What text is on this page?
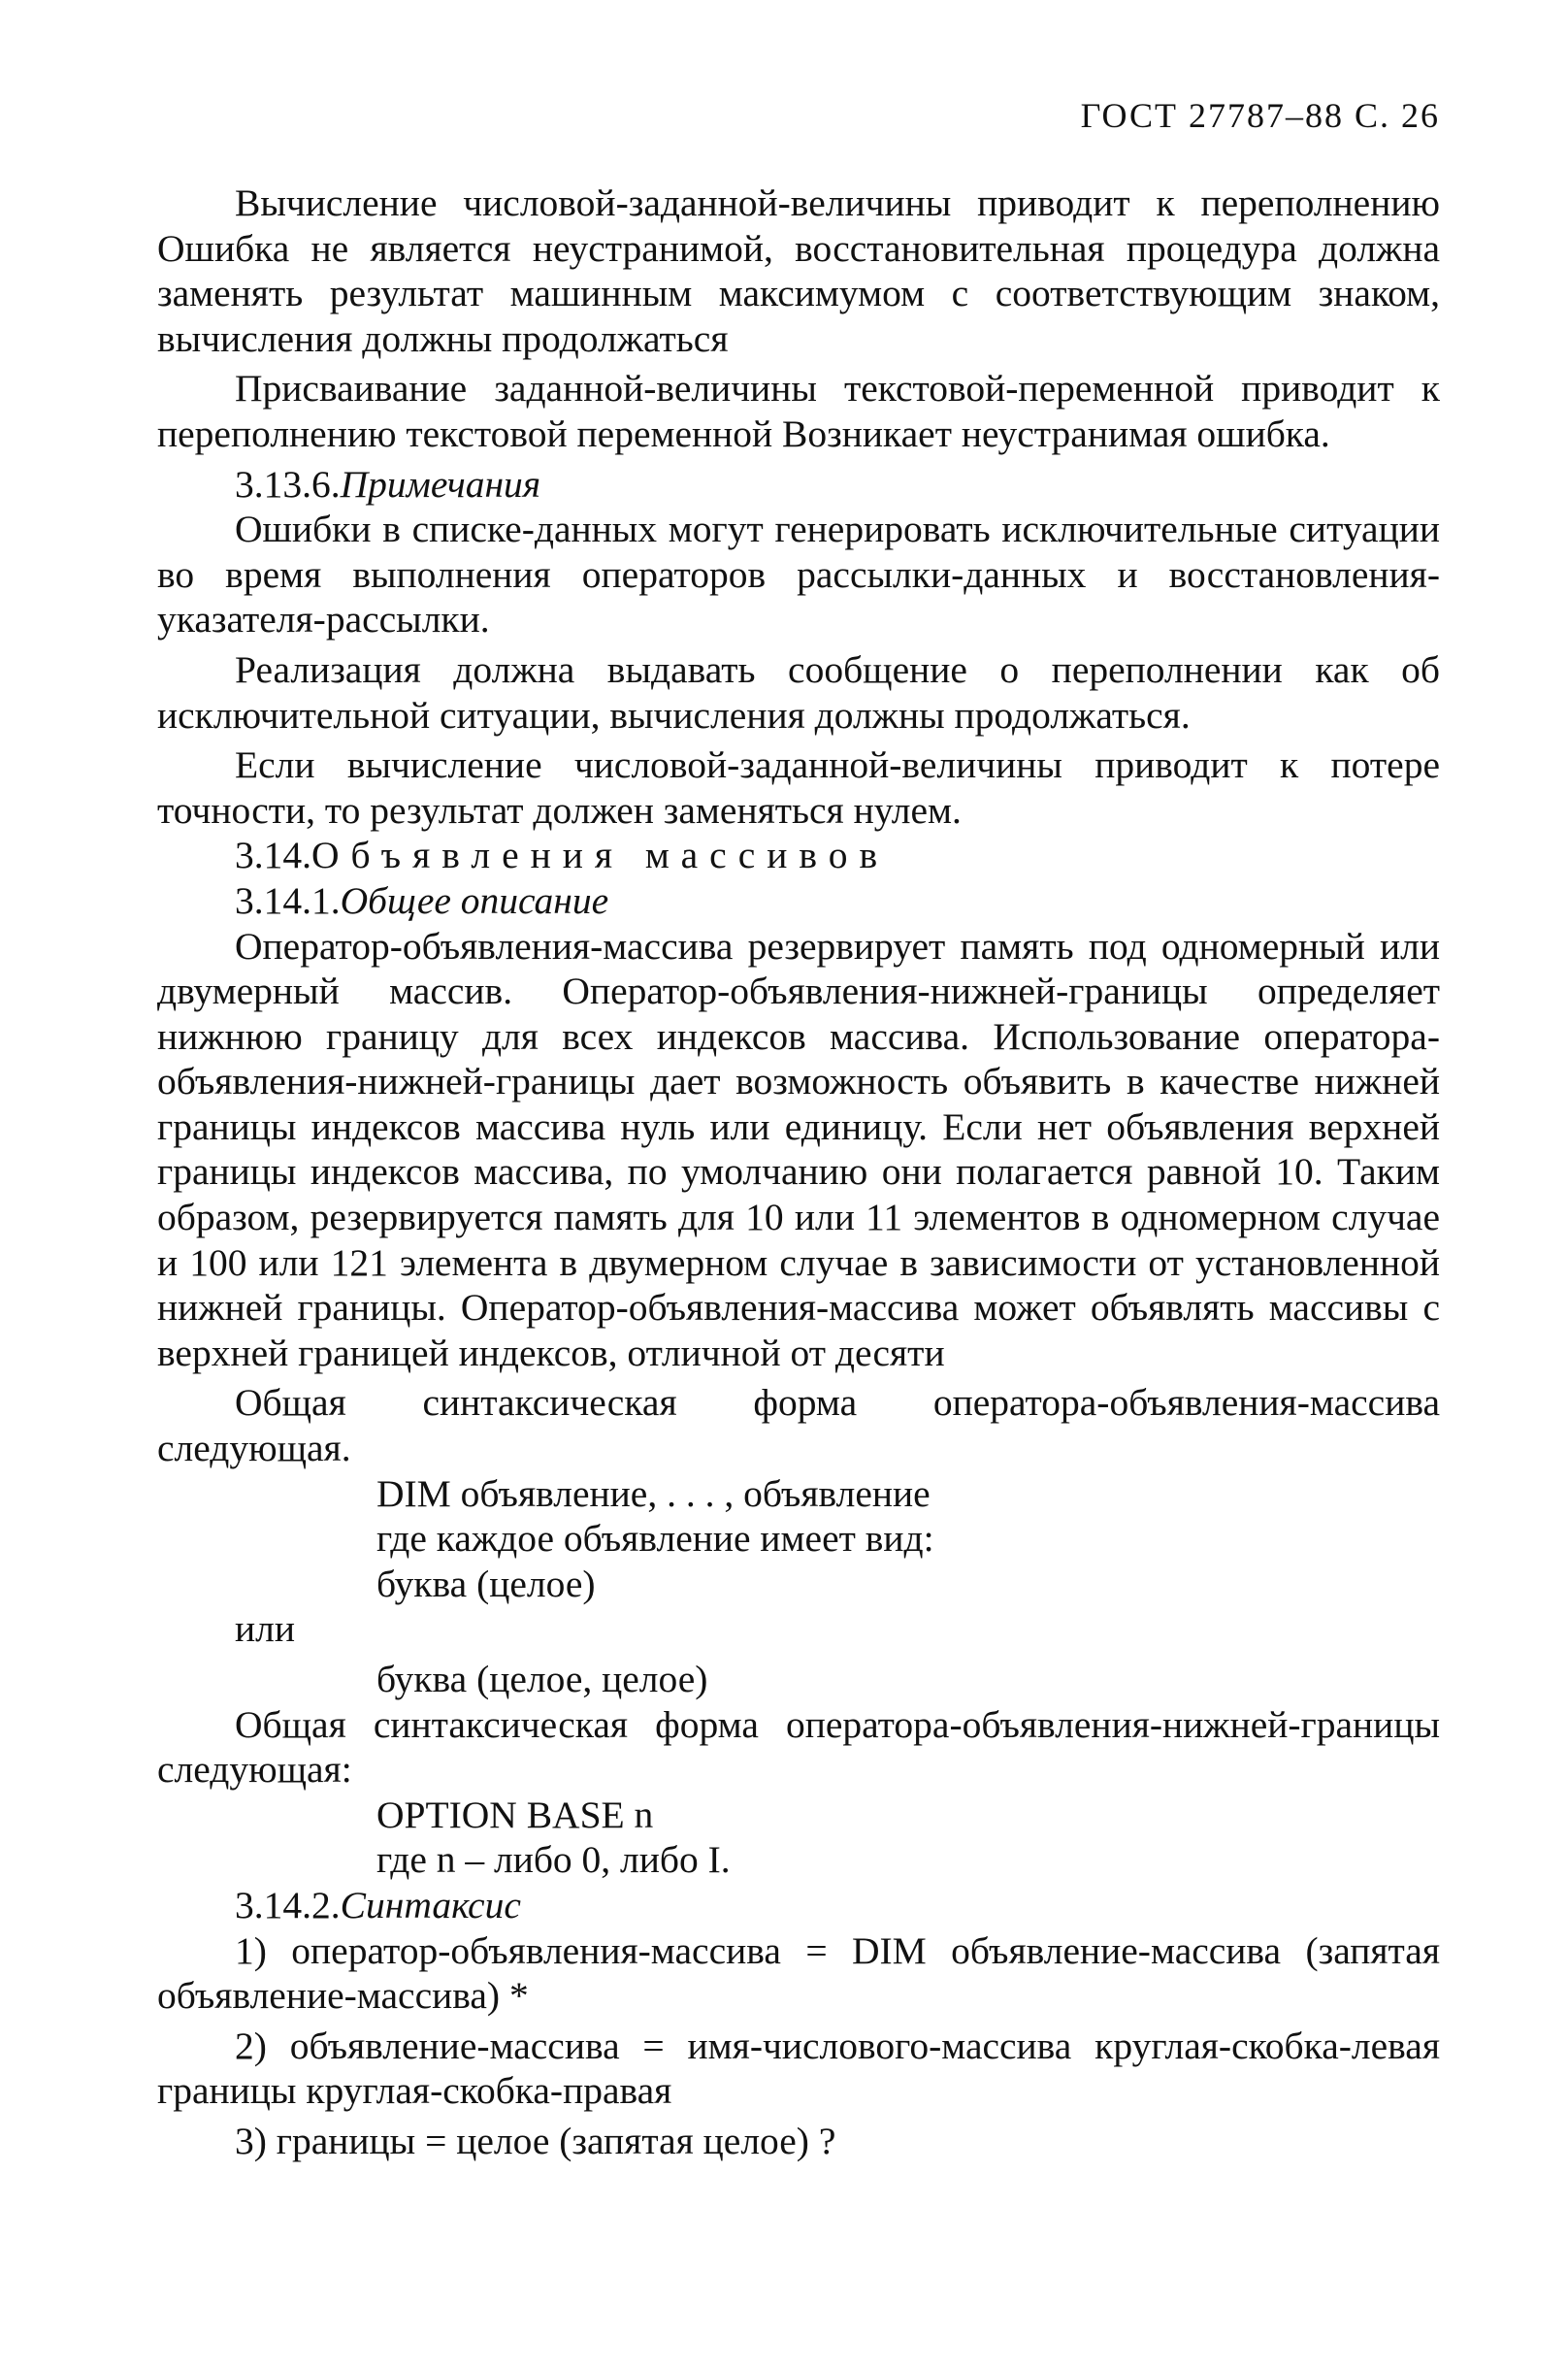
ГОСТ 27787–88 С. 26

Вычисление числовой-заданной-величины приводит к переполнению Ошибка не является неустранимой, восстановительная процедура должна заменять результат машинным максимумом с соответствующим знаком, вычисления должны продолжаться

Присваивание заданной-величины текстовой-переменной приводит к переполнению текстовой переменной Возникает неустранимая ошибка.

3.13.6.Примечания

Ошибки в списке-данных могут генерировать исключительные ситуации во время выполнения операторов рассылки-данных и восстановления-указателя-рассылки.

Реализация должна выдавать сообщение о переполнении как об исключительной ситуации, вычисления должны продолжаться.

Если вычисление числовой-заданной-величины приводит к потере точности, то результат должен заменяться нулем.

3.14.Объявления массивов
3.14.1.Общее описание

Оператор-объявления-массива резервирует память под одномерный или двумерный массив. Оператор-объявления-нижней-границы определяет нижнюю границу для всех индексов массива. Использование оператора-объявления-нижней-границы дает возможность объявить в качестве нижней границы индексов массива нуль или единицу. Если нет объявления верхней границы индексов массива, по умолчанию они полагается равной 10. Таким образом, резервируется память для 10 или 11 элементов в одномерном случае и 100 или 121 элемента в двумерном случае в зависимости от установленной нижней границы. Оператор-объявления-массива может объявлять массивы с верхней границей индексов, отличной от десяти

Общая синтаксическая форма оператора-объявления-массива следующая.

DIM объявление, . . . , объявление
где каждое объявление имеет вид:
буква (целое)
или
буква (целое, целое)

Общая синтаксическая форма оператора-объявления-нижней-границы следующая:

OPTION BASE n
где n – либо 0, либо I.
3.14.2.Синтаксис

1) оператор-объявления-массива = DIM объявление-массива (запятая объявление-массива) *

2) объявление-массива = имя-числового-массива круглая-скобка-левая границы круглая-скобка-правая

3) границы = целое (запятая целое) ?
